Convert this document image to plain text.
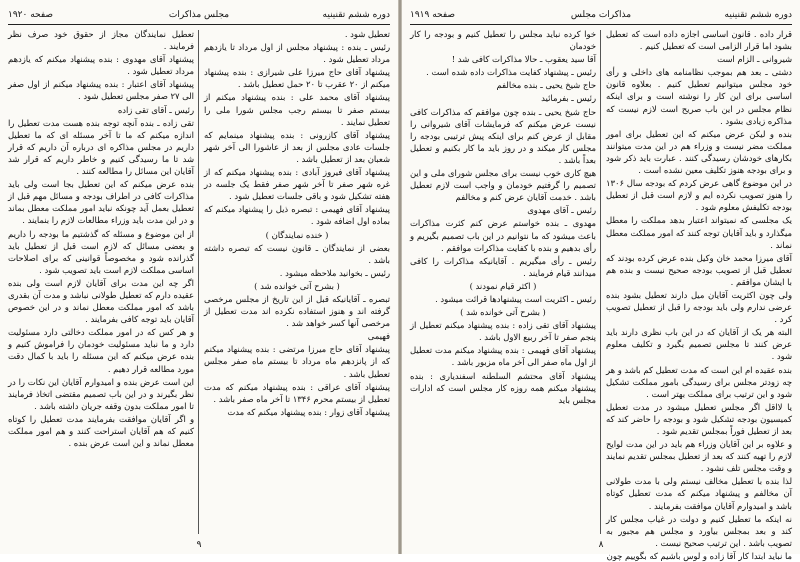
صفحه ۱۹۲۰	مجلس مذاکرات	دوره ششم تقنینیه

تعطیل شود .

رئیس ـ بنده : پیشنهاد مجلس از اول مرداد تا یازدهم مرداد تعطیل شود .

پیشنهاد آقای حاج میرزا علی شیرازی : بنده پیشنهاد میکنم از ۲۰ عقرب تا ۲۰ حمل تعطیل باشد .

پیشنهاد آقای محمد علی : بنده پیشنهاد میکنم از بیستم صفر تا بیستم رجب مجلس شورا ملی را تعطیل نمایند .

پیشنهاد آقای کازرونی : بنده پیشنهاد مینمایم که جلسات عادی مجلس از بعد از عاشورا الی آخر شهر شعبان بعد از تعطیل باشد .

پیشنهاد آقای فیروز آبادی : بنده پیشنهاد میکنم که از غره شهر صفر تا آخر شهر صفر فقط یک جلسه در هفته تشکیل شود و باقی جلسات تعطیل شود .

پیشنهاد آقای فهیمی : تبصره ذیل را پیشنهاد میکنم که بماده اول اضافه شود .

( خنده نمایندگان )

بعضی از نمایندگان ـ قانون نیست که تبصره داشته باشد .

رئیس ـ بخوانید ملاحظه میشود .

( بشرح آتی خوانده شد )

تبصره ـ آقایانیکه قبل از این تاریخ از مجلس مرخصی گرفته اند و هنوز استفاده نکرده اند مدت تعطیل از مرخصی آنها کسر خواهد شد .

فهیمی

پیشنهاد آقای حاج میرزا مرتضی : بنده پیشنهاد میکنم که از پانزدهم ماه مرداد تا بیستم ماه صفر مجلس تعطیل باشد .

پیشنهاد آقای عراقی : بنده پیشنهاد میکنم که مدت تعطیل از بیستم محرم ۱۳۴۶ تا آخر ماه صفر باشد .

پیشنهاد آقای زوار : بنده پیشنهاد میکنم که مدت

تعطیل نمایندگان مجاز از حقوق خود صرف نظر فرمایند .

پیشنهاد آقای مهدوی : بنده پیشنهاد میکنم که یازدهم مرداد تعطیل شود .

پیشنهاد آقای اعتبار : بنده پیشنهاد میکنم از اول صفر الی ۲۷ صفر مجلس تعطیل شود .

رئیس ـ آقای تقی زاده

تقی زاده ـ بنده آنچه توجه بنده هست مدت تعطیل را اندازه میکنم که ما تا آخر مسئله ای که ما تعطیل داریم در مجلس مذاکره ای درباره آن داریم که قرار شد تا ما رسیدگی کنیم و خاطر داریم که قرار شد آقایان این مسائل را مطالعه کنند .

بنده عرض میکنم که این تعطیل بجا است ولی باید مذاکرات کافی در اطراف بودجه و مسائل مهم قبل از تعطیل بعمل آید چونکه نباید امور مملکت معطل بماند و در این مدت باید وزراء مطالعات لازم را بنمایند .

از این موضوع و مسئله که گذشتیم ما بودجه را داریم و بعضی مسائل که لازم است قبل از تعطیل باید گذرانده شود و مخصوصاً قوانینی که برای اصلاحات اساسی مملکت لازم است باید تصویب شود .

اگر چه این مدت برای آقایان لازم است ولی بنده عقیده دارم که تعطیل طولانی نباشد و مدت آن بقدری باشد که امور مملکت معطل نماند و در این خصوص آقایان باید توجه کافی بفرمایند .

و هر کس که در امور مملکت دخالتی دارد مسئولیت دارد و ما نباید مسئولیت خودمان را فراموش کنیم و بنده عرض میکنم که این مسئله را باید با کمال دقت مورد مطالعه قرار دهیم .

این است عرض بنده و امیدوارم آقایان این نکات را در نظر بگیرند و در این باب تصمیم مقتضی اتخاذ فرمایند تا امور مملکت بدون وقفه جریان داشته باشد .

و اگر آقایان موافقت بفرمایند مدت تعطیل را کوتاه کنیم که هم آقایان استراحت کنند و هم امور مملکت معطل نماند و این است عرض بنده .

۹
صفحه ۱۹۱۹	مذاکرات مجلس	دوره ششم تقنینیه

قرار داده . قانون اساسی اجازه داده است که تعطیل بشود اما قرار الزامی است که تعطیل کنیم .

شیروانی ـ الزام است

دشتی ـ بعد هم بموجب نظامنامه های داخلی و رأی خود مجلس میتوانیم تعطیل کنیم . بعلاوه قانون اساسی برای این کار را نوشته است و برای اینکه نظام مجلس در این باب صریح است لازم نیست که مذاکره زیادی بشود .

بنده و لیکن عرض میکنم که این تعطیل برای امور مملکت مضر نیست و وزراء هم در این مدت میتوانند بکارهای خودشان رسیدگی کنند . عبارت باید ذکر شود و برای بودجه هنوز تکلیف معین نشده است .

در این موضوع گاهی عرض کردم که بودجه سال ۱۳۰۶ را هنوز تصویب نکرده ایم و لازم است قبل از تعطیل بودجه تکلیفش معلوم شود .

یک مجلسی که نمیتواند اعتبار بدهد مملکت را معطل میگذارد و باید آقایان توجه کنند که امور مملکت معطل نماند .

آقای میرزا محمد خان وکیل بنده عرض کرده بودند که تعطیل قبل از تصویب بودجه صحیح نیست و بنده هم با ایشان موافقم .

ولی چون اکثریت آقایان میل دارند تعطیل بشود بنده عرضی ندارم ولی باید بودجه را قبل از تعطیل تصویب کرد .

البته هر یک از آقایان که در این باب نظری دارند باید عرض کنند تا مجلس تصمیم بگیرد و تکلیف معلوم شود .

بنده عقیده ام این است که مدت تعطیل کم باشد و هر چه زودتر مجلس برای رسیدگی بامور مملکت تشکیل شود و این ترتیب برای مملکت بهتر است .

یا لااقل اگر مجلس تعطیل میشود در مدت تعطیل کمیسیون بودجه تشکیل شود و بودجه را حاضر کند که بعد از تعطیل فوراً بمجلس تقدیم شود .

و علاوه بر این آقایان وزراء هم باید در این مدت لوایح لازم را تهیه کنند که بعد از تعطیل بمجلس تقدیم نمایند و وقت مجلس تلف نشود .

لذا بنده با تعطیل مخالف نیستم ولی با مدت طولانی آن مخالفم و پیشنهاد میکنم که مدت تعطیل کوتاه باشد و امیدوارم آقایان موافقت بفرمایند .

نه اینکه ما تعطیل کنیم و دولت در غیاب مجلس کار کند و بعد بمجلس بیاورد و مجلس هم مجبور به تصویب باشد . این ترتیب صحیح نیست .

ما نباید ابتدا کار آقا زاده و لوس باشیم که بگوییم چون

خوا کرده نباید مجلس را تعطیل کنیم و بودجه را کار خودمان

آقا سید یعقوب ـ حالا مذاکرات کافی شد !

رئیس ـ پیشنهاد کفایت مذاکرات داده شده است .

حاج شیخ یحیی ـ بنده مخالفم

رئیس ـ بفرمائید

حاج شیخ یحیی ـ بنده چون موافقم که مذاکرات کافی نیست عرض میکنم که فرمایشات آقای شیروانی را مقابل از عرض کنم برای اینکه پیش ترتیبی بودجه را مجلس کار میکند و در روز باید ما کار بکنیم و تعطیل بعداً باشد .

هیچ کاری خوب نیست برای مجلس شورای ملی و این تصمیم را گرفتیم خودمان و واجب است لازم تعطیل باشد . خدمت آقایان عرض کنم و مخالفم

رئیس ـ آقای مهدوی

مهدوی ـ بنده خواستم عرض کنم کثرت مذاکرات باعث میشود که ما نتوانیم در این باب تصمیم بگیریم و رأی بدهیم و بنده با کفایت مذاکرات موافقم .

رئیس ـ رأی میگیریم . آقایانیکه مذاکرات را کافی میدانند قیام فرمایند .

( اکثر قیام نمودند )

رئیس ـ اکثریت است پیشنهادها قرائت میشود .

( بشرح آتی خوانده شد )

پیشنهاد آقای تقی زاده : بنده پیشنهاد میکنم تعطیل از پنجم صفر تا آخر ربیع الاول باشد .

پیشنهاد آقای فهیمی : بنده پیشنهاد میکنم مدت تعطیل از اول ماه صفر الی آخر ماه مزبور باشد .

پیشنهاد آقای محتشم السلطنه اسفندیاری : بنده پیشنهاد میکنم همه روزه کار مجلس است که ادارات مجلس باید

۸
